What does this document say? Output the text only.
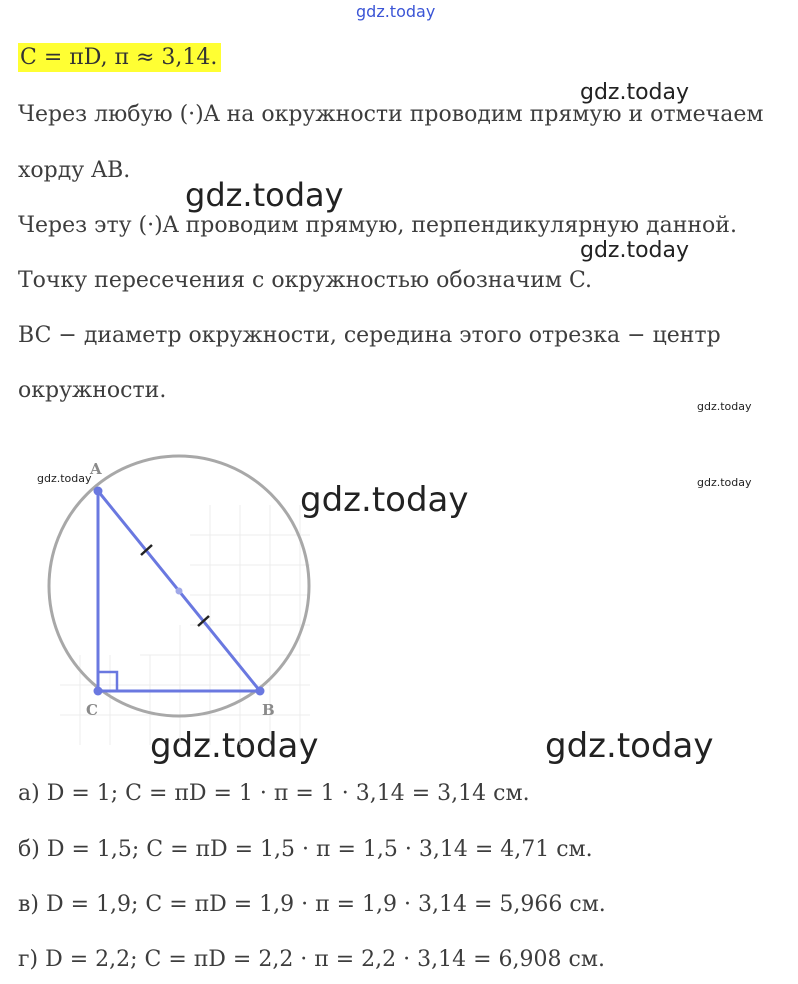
gdz.today
gdz.today
gdz.today
gdz.today
gdz.today
gdz.today	gdz.today
gdz.today
gdz.today	gdz.today
C = πD, π ≈ 3,14.
Через любую (·)A на окружности проводим прямую и отмечаем
хорду AB.
Через эту (·)A проводим прямую, перпендикулярную данной.
Точку пересечения с окружностью обозначим C.
BC − диаметр окружности, середина этого отрезка − центр
окружности.
A
C	B
а) D = 1; C = πD = 1 · π = 1 · 3,14 = 3,14 см.
б) D = 1,5; C = πD = 1,5 · π = 1,5 · 3,14 = 4,71 см.
в) D = 1,9; C = πD = 1,9 · π = 1,9 · 3,14 = 5,966 см.
г) D = 2,2; C = πD = 2,2 · π = 2,2 · 3,14 = 6,908 см.
